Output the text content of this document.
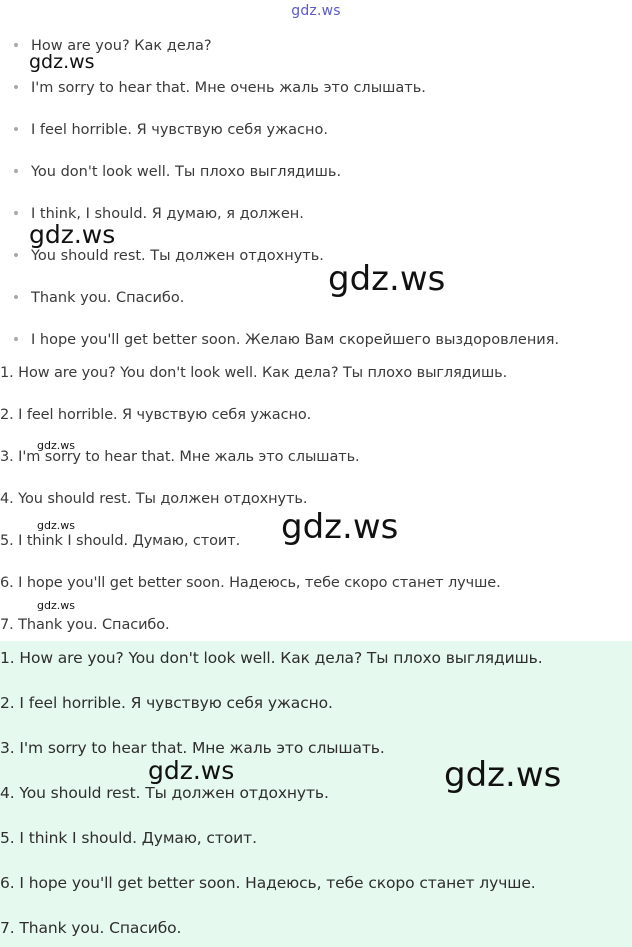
gdz.ws
How are you? Как дела?
I'm sorry to hear that. Мне очень жаль это слышать.
I feel horrible. Я чувствую себя ужасно.
You don't look well. Ты плохо выглядишь.
I think, I should. Я думаю, я должен.
You should rest. Ты должен отдохнуть.
Thank you. Спасибо.
I hope you'll get better soon. Желаю Вам скорейшего выздоровления.
1. How are you? You don't look well. Как дела? Ты плохо выглядишь.
2. I feel horrible. Я чувствую себя ужасно.
3. I'm sorry to hear that. Мне жаль это слышать.
4. You should rest. Ты должен отдохнуть.
5. I think I should. Думаю, стоит.
6. I hope you'll get better soon. Надеюсь, тебе скоро станет лучше.
7. Thank you. Спасибо.
1. How are you? You don't look well. Как дела? Ты плохо выглядишь.
2. I feel horrible. Я чувствую себя ужасно.
3. I'm sorry to hear that. Мне жаль это слышать.
4. You should rest. Ты должен отдохнуть.
5. I think I should. Думаю, стоит.
6. I hope you'll get better soon. Надеюсь, тебе скоро станет лучше.
7. Thank you. Спасибо.
gdz.ws
gdz.ws
gdz.ws
gdz.ws
gdz.ws	gdz.ws
gdz.ws
gdz.ws	gdz.ws
